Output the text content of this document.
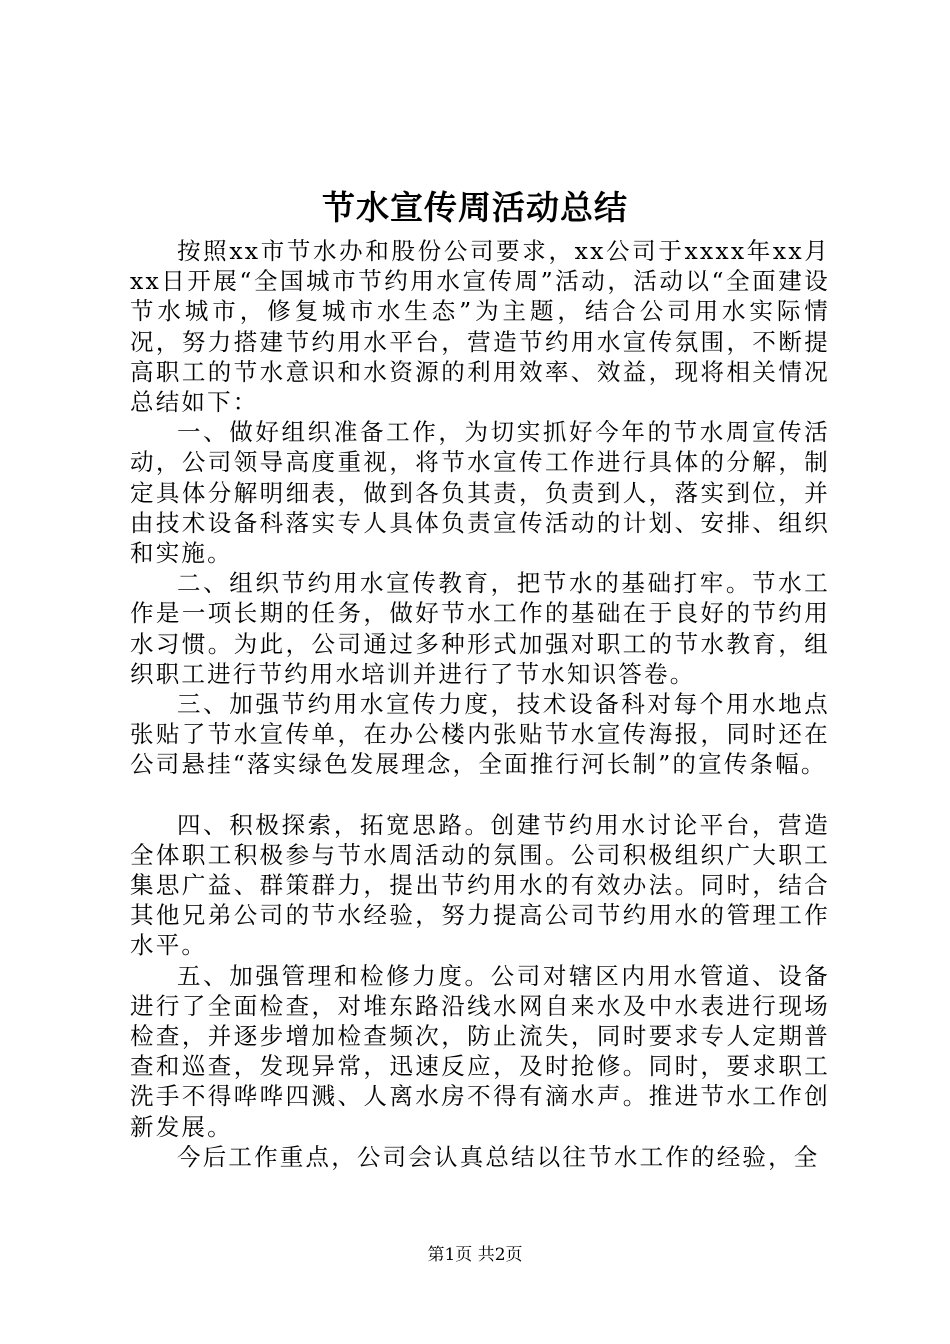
节水宣传周活动总结

按照xx市节水办和股份公司要求，xx公司于xxxx年xx月xx日开展“全国城市节约用水宣传周”活动，活动以“全面建设节水城市，修复城市水生态”为主题，结合公司用水实际情况，努力搭建节约用水平台，营造节约用水宣传氛围，不断提高职工的节水意识和水资源的利用效率、效益，现将相关情况总结如下：

一、做好组织准备工作，为切实抓好今年的节水周宣传活动，公司领导高度重视，将节水宣传工作进行具体的分解，制定具体分解明细表，做到各负其责，负责到人，落实到位，并由技术设备科落实专人具体负责宣传活动的计划、安排、组织和实施。

二、组织节约用水宣传教育，把节水的基础打牢。节水工作是一项长期的任务，做好节水工作的基础在于良好的节约用水习惯。为此，公司通过多种形式加强对职工的节水教育，组织职工进行节约用水培训并进行了节水知识答卷。

三、加强节约用水宣传力度，技术设备科对每个用水地点张贴了节水宣传单，在办公楼内张贴节水宣传海报，同时还在公司悬挂“落实绿色发展理念，全面推行河长制”的宣传条幅。

四、积极探索，拓宽思路。创建节约用水讨论平台，营造全体职工积极参与节水周活动的氛围。公司积极组织广大职工集思广益、群策群力，提出节约用水的有效办法。同时，结合其他兄弟公司的节水经验，努力提高公司节约用水的管理工作水平。

五、加强管理和检修力度。公司对辖区内用水管道、设备进行了全面检查，对堆东路沿线水网自来水及中水表进行现场检查，并逐步增加检查频次，防止流失，同时要求专人定期普查和巡查，发现异常，迅速反应，及时抢修。同时，要求职工洗手不得哗哗四溅、人离水房不得有滴水声。推进节水工作创新发展。

今后工作重点，公司会认真总结以往节水工作的经验，全

第1页 共2页
